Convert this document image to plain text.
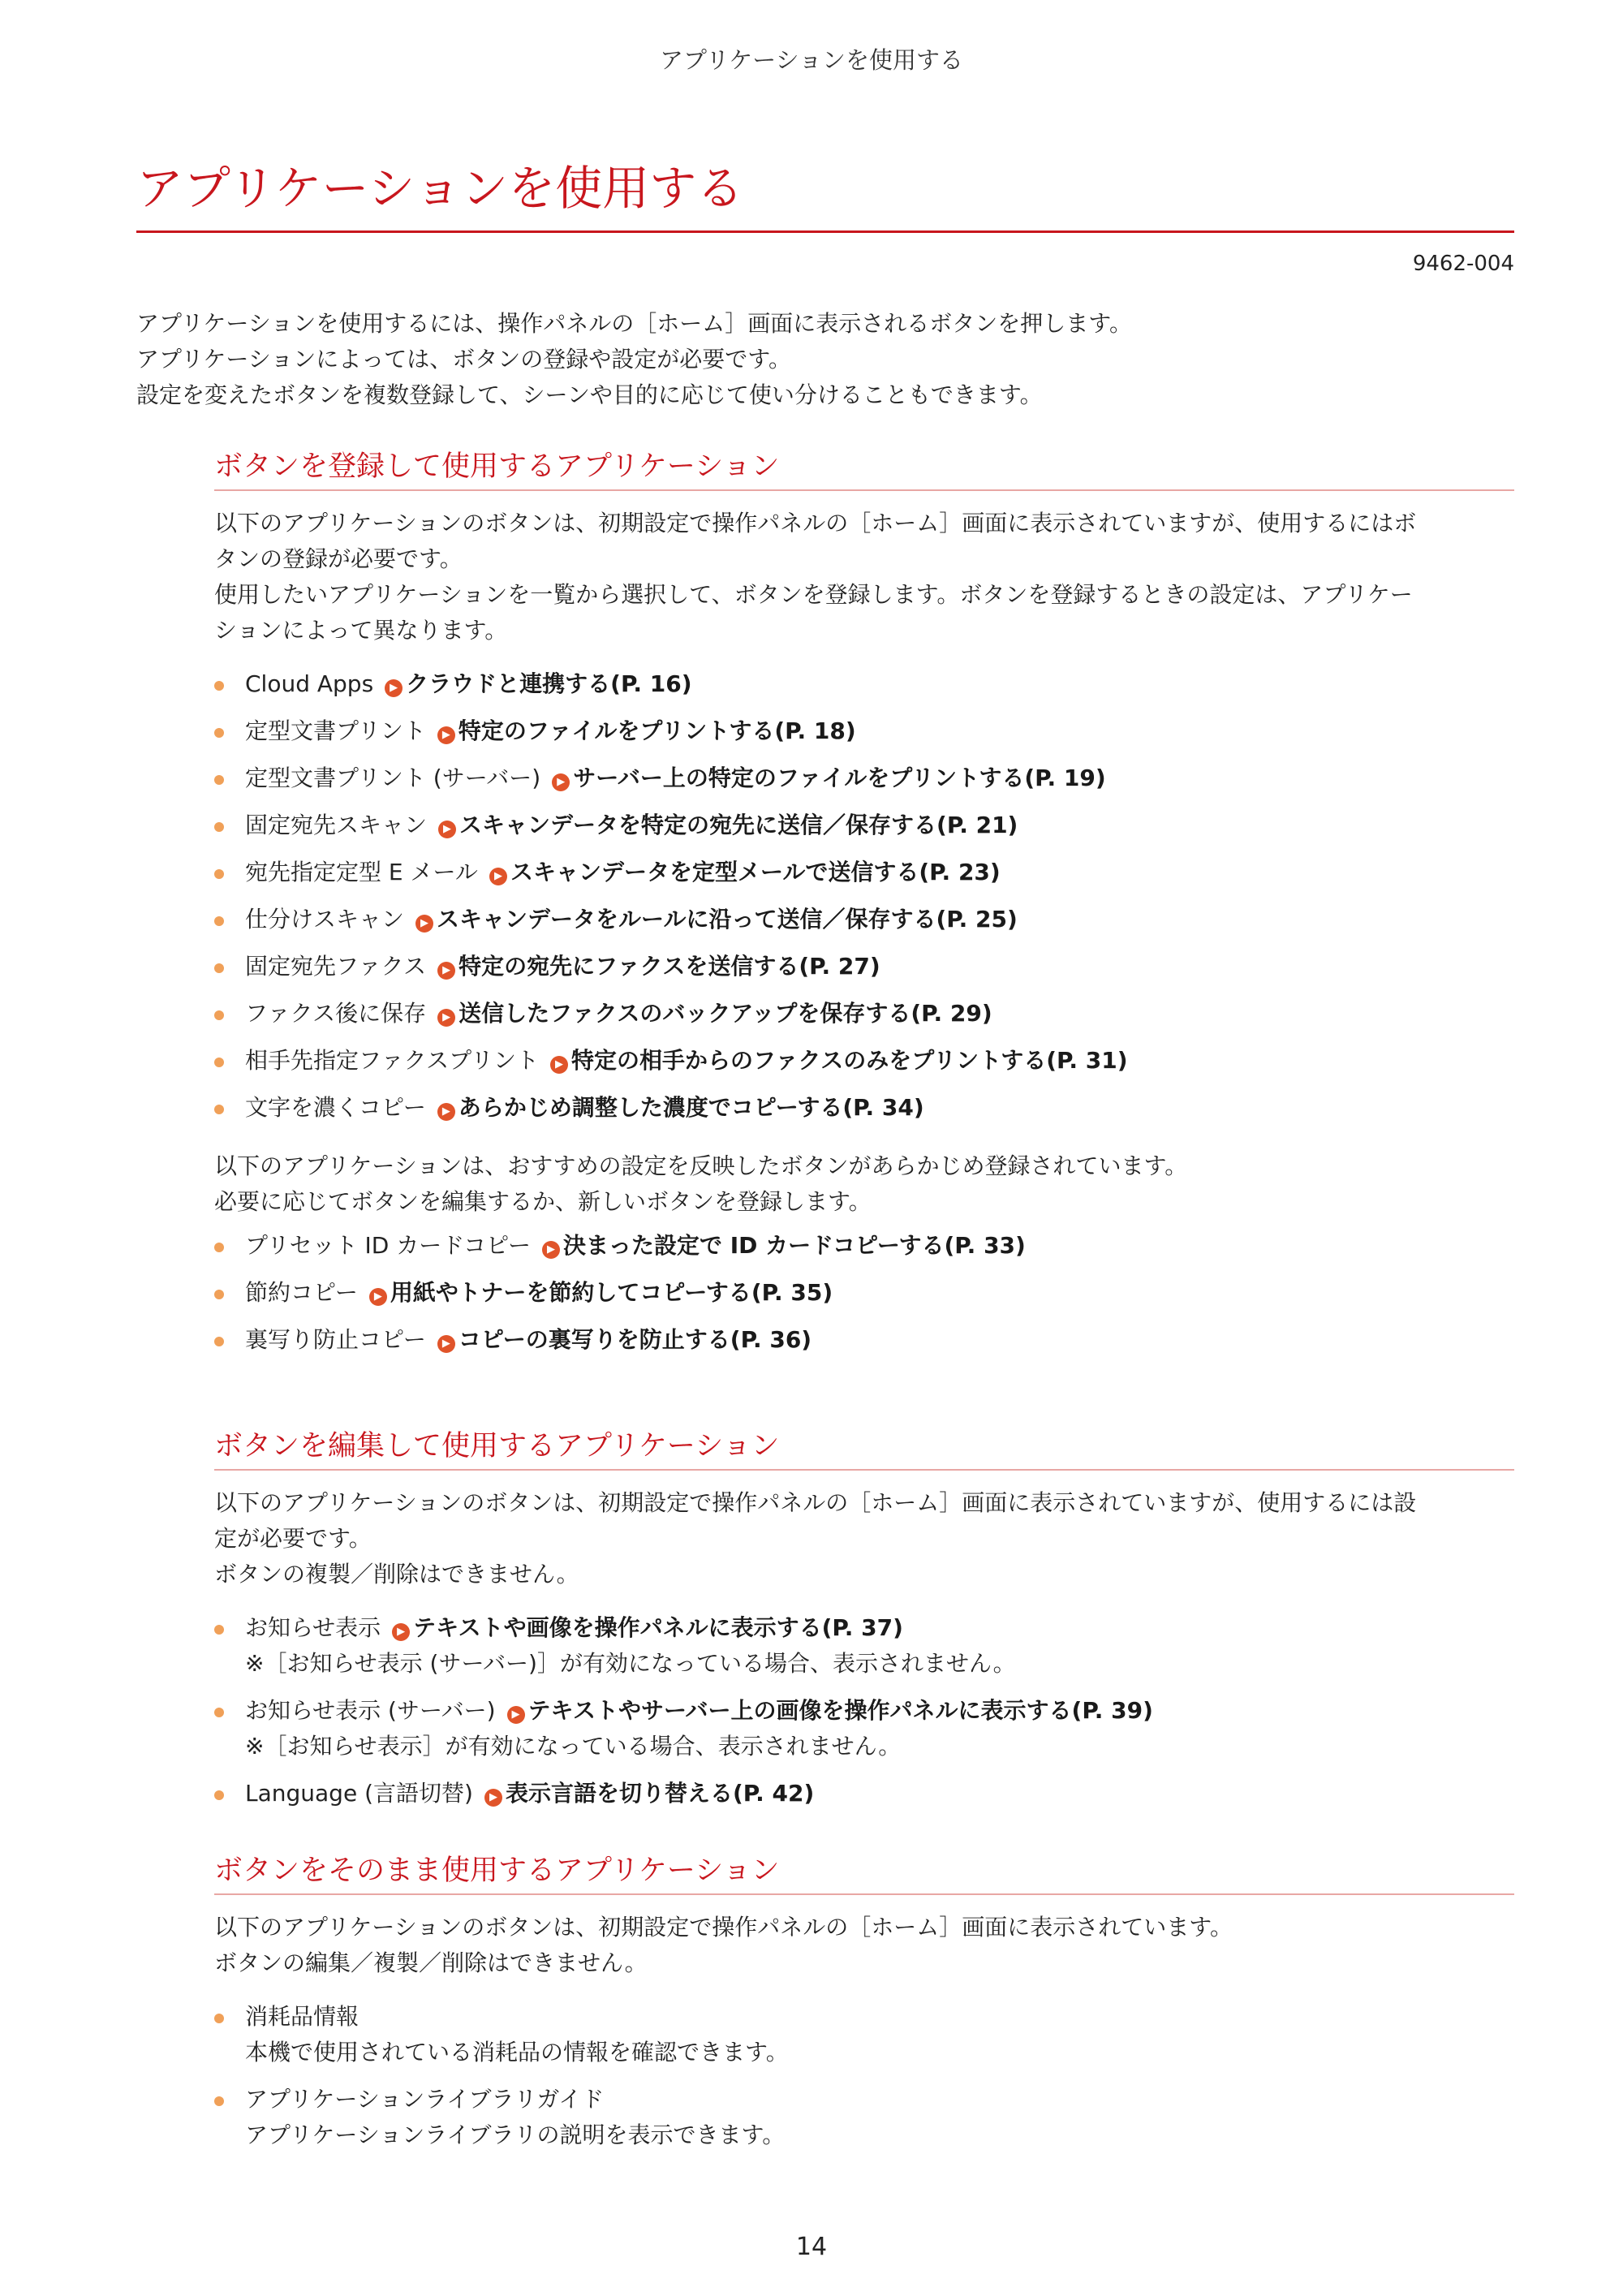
アプリケーションを使用する
アプリケーションを使用する
9462-004

アプリケーションを使用するには、操作パネルの［ホーム］画面に表示されるボタンを押します。

アプリケーションによっては、ボタンの登録や設定が必要です。

設定を変えたボタンを複数登録して、シーンや目的に応じて使い分けることもできます。

ボタンを登録して使用するアプリケーション

以下のアプリケーションのボタンは、初期設定で操作パネルの［ホーム］画面に表示されていますが、使用するにはボ

タンの登録が必要です。

使用したいアプリケーションを一覧から選択して、ボタンを登録します。ボタンを登録するときの設定は、アプリケー

ションによって異なります。

Cloud Apps ▶ クラウドと連携する(P. 16)
定型文書プリント ▶ 特定のファイルをプリントする(P. 18)
定型文書プリント (サーバー) ▶ サーバー上の特定のファイルをプリントする(P. 19)
固定宛先スキャン ▶ スキャンデータを特定の宛先に送信／保存する(P. 21)
宛先指定定型 E メール ▶ スキャンデータを定型メールで送信する(P. 23)
仕分けスキャン ▶ スキャンデータをルールに沿って送信／保存する(P. 25)
固定宛先ファクス ▶ 特定の宛先にファクスを送信する(P. 27)
ファクス後に保存 ▶ 送信したファクスのバックアップを保存する(P. 29)
相手先指定ファクスプリント ▶ 特定の相手からのファクスのみをプリントする(P. 31)
文字を濃くコピー ▶ あらかじめ調整した濃度でコピーする(P. 34)

以下のアプリケーションは、おすすめの設定を反映したボタンがあらかじめ登録されています。

必要に応じてボタンを編集するか、新しいボタンを登録します。

プリセット ID カードコピー ▶ 決まった設定で ID カードコピーする(P. 33)
節約コピー ▶ 用紙やトナーを節約してコピーする(P. 35)
裏写り防止コピー ▶ コピーの裏写りを防止する(P. 36)
ボタンを編集して使用するアプリケーション

以下のアプリケーションのボタンは、初期設定で操作パネルの［ホーム］画面に表示されていますが、使用するには設

定が必要です。

ボタンの複製／削除はできません。

お知らせ表示 ▶ テキストや画像を操作パネルに表示する(P. 37)
※［お知らせ表示 (サーバー)］が有効になっている場合、表示されません。
お知らせ表示 (サーバー) ▶ テキストやサーバー上の画像を操作パネルに表示する(P. 39)
※［お知らせ表示］が有効になっている場合、表示されません。
Language (言語切替) ▶ 表示言語を切り替える(P. 42)
ボタンをそのまま使用するアプリケーション

以下のアプリケーションのボタンは、初期設定で操作パネルの［ホーム］画面に表示されています。

ボタンの編集／複製／削除はできません。

消耗品情報
本機で使用されている消耗品の情報を確認できます。
アプリケーションライブラリガイド
アプリケーションライブラリの説明を表示できます。
14
